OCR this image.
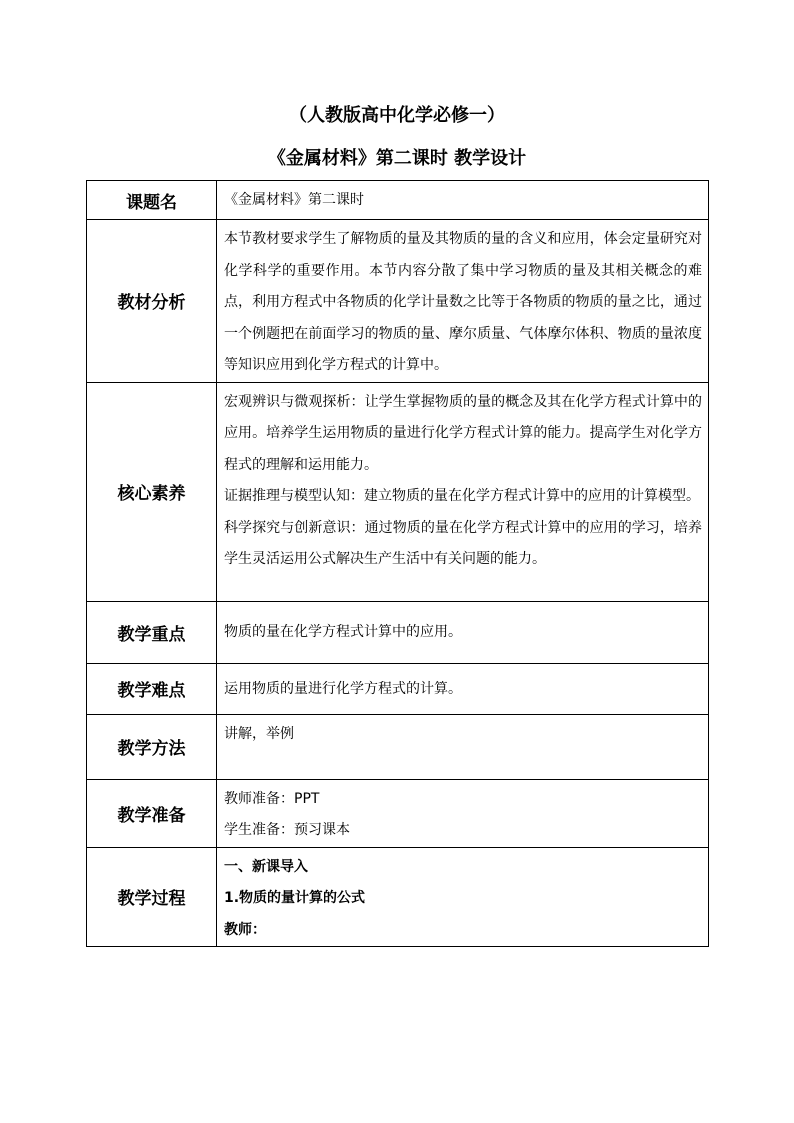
（人教版高中化学必修一）
《金属材料》第二课时 教学设计
课题名	《金属材料》第二课时

教材分析	本节教材要求学生了解物质的量及其物质的量的含义和应用，体会定量研究对化学科学的重要作用。本节内容分散了集中学习物质的量及其相关概念的难点，利用方程式中各物质的化学计量数之比等于各物质的物质的量之比，通过一个例题把在前面学习的物质的量、摩尔质量、气体摩尔体积、物质的量浓度等知识应用到化学方程式的计算中。

核心素养	宏观辨识与微观探析：让学生掌握物质的量的概念及其在化学方程式计算中的应用。培养学生运用物质的量进行化学方程式计算的能力。提高学生对化学方程式的理解和运用能力。

证据推理与模型认知：建立物质的量在化学方程式计算中的应用的计算模型。

科学探究与创新意识：通过物质的量在化学方程式计算中的应用的学习，培养学生灵活运用公式解决生产生活中有关问题的能力。

教学重点	物质的量在化学方程式计算中的应用。

教学难点	运用物质的量进行化学方程式的计算。

教学方法	讲解，举例

教学准备	教师准备：PPT

学生准备：预习课本

教学过程	一、新课导入

1.物质的量计算的公式

教师：
